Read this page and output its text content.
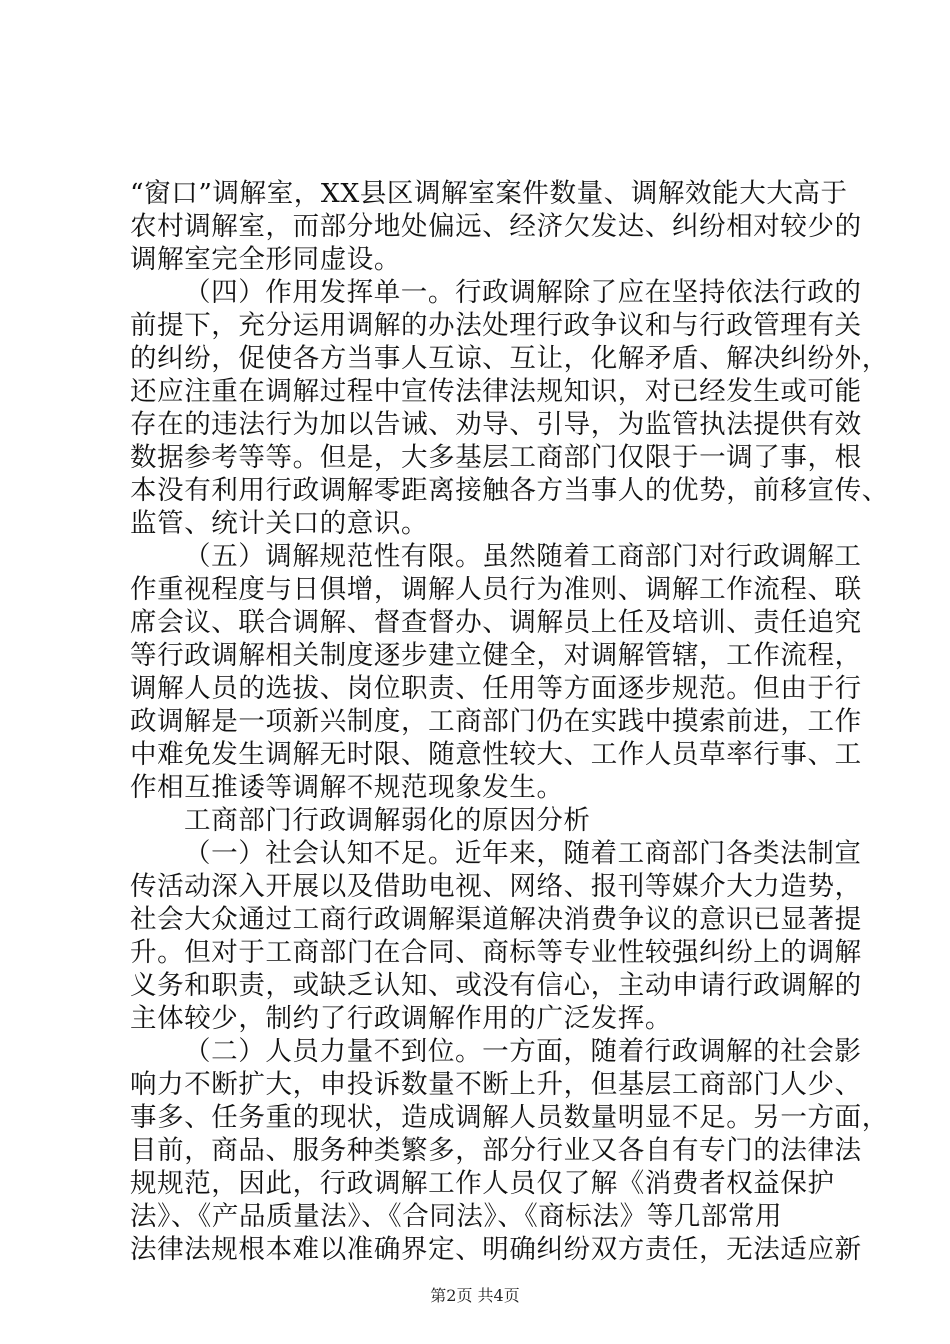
“窗口”调解室，XX县区调解室案件数量、调解效能大大高于
农村调解室，而部分地处偏远、经济欠发达、纠纷相对较少的
调解室完全形同虚设。
（四）作用发挥单一。行政调解除了应在坚持依法行政的
前提下，充分运用调解的办法处理行政争议和与行政管理有关
的纠纷，促使各方当事人互谅、互让，化解矛盾、解决纠纷外，
还应注重在调解过程中宣传法律法规知识，对已经发生或可能
存在的违法行为加以告诫、劝导、引导，为监管执法提供有效
数据参考等等。但是，大多基层工商部门仅限于一调了事，根
本没有利用行政调解零距离接触各方当事人的优势，前移宣传、
监管、统计关口的意识。
（五）调解规范性有限。虽然随着工商部门对行政调解工
作重视程度与日俱增，调解人员行为准则、调解工作流程、联
席会议、联合调解、督查督办、调解员上任及培训、责任追究
等行政调解相关制度逐步建立健全，对调解管辖，工作流程，
调解人员的选拔、岗位职责、任用等方面逐步规范。但由于行
政调解是一项新兴制度，工商部门仍在实践中摸索前进，工作
中难免发生调解无时限、随意性较大、工作人员草率行事、工
作相互推诿等调解不规范现象发生。
工商部门行政调解弱化的原因分析
（一）社会认知不足。近年来，随着工商部门各类法制宣
传活动深入开展以及借助电视、网络、报刊等媒介大力造势，
社会大众通过工商行政调解渠道解决消费争议的意识已显著提
升。但对于工商部门在合同、商标等专业性较强纠纷上的调解
义务和职责，或缺乏认知、或没有信心，主动申请行政调解的
主体较少，制约了行政调解作用的广泛发挥。
（二）人员力量不到位。一方面，随着行政调解的社会影
响力不断扩大，申投诉数量不断上升，但基层工商部门人少、
事多、任务重的现状，造成调解人员数量明显不足。另一方面，
目前，商品、服务种类繁多，部分行业又各自有专门的法律法
规规范，因此，行政调解工作人员仅了解《消费者权益保护
法》、《产品质量法》、《合同法》、《商标法》等几部常用
法律法规根本难以准确界定、明确纠纷双方责任，无法适应新
第2页 共4页
